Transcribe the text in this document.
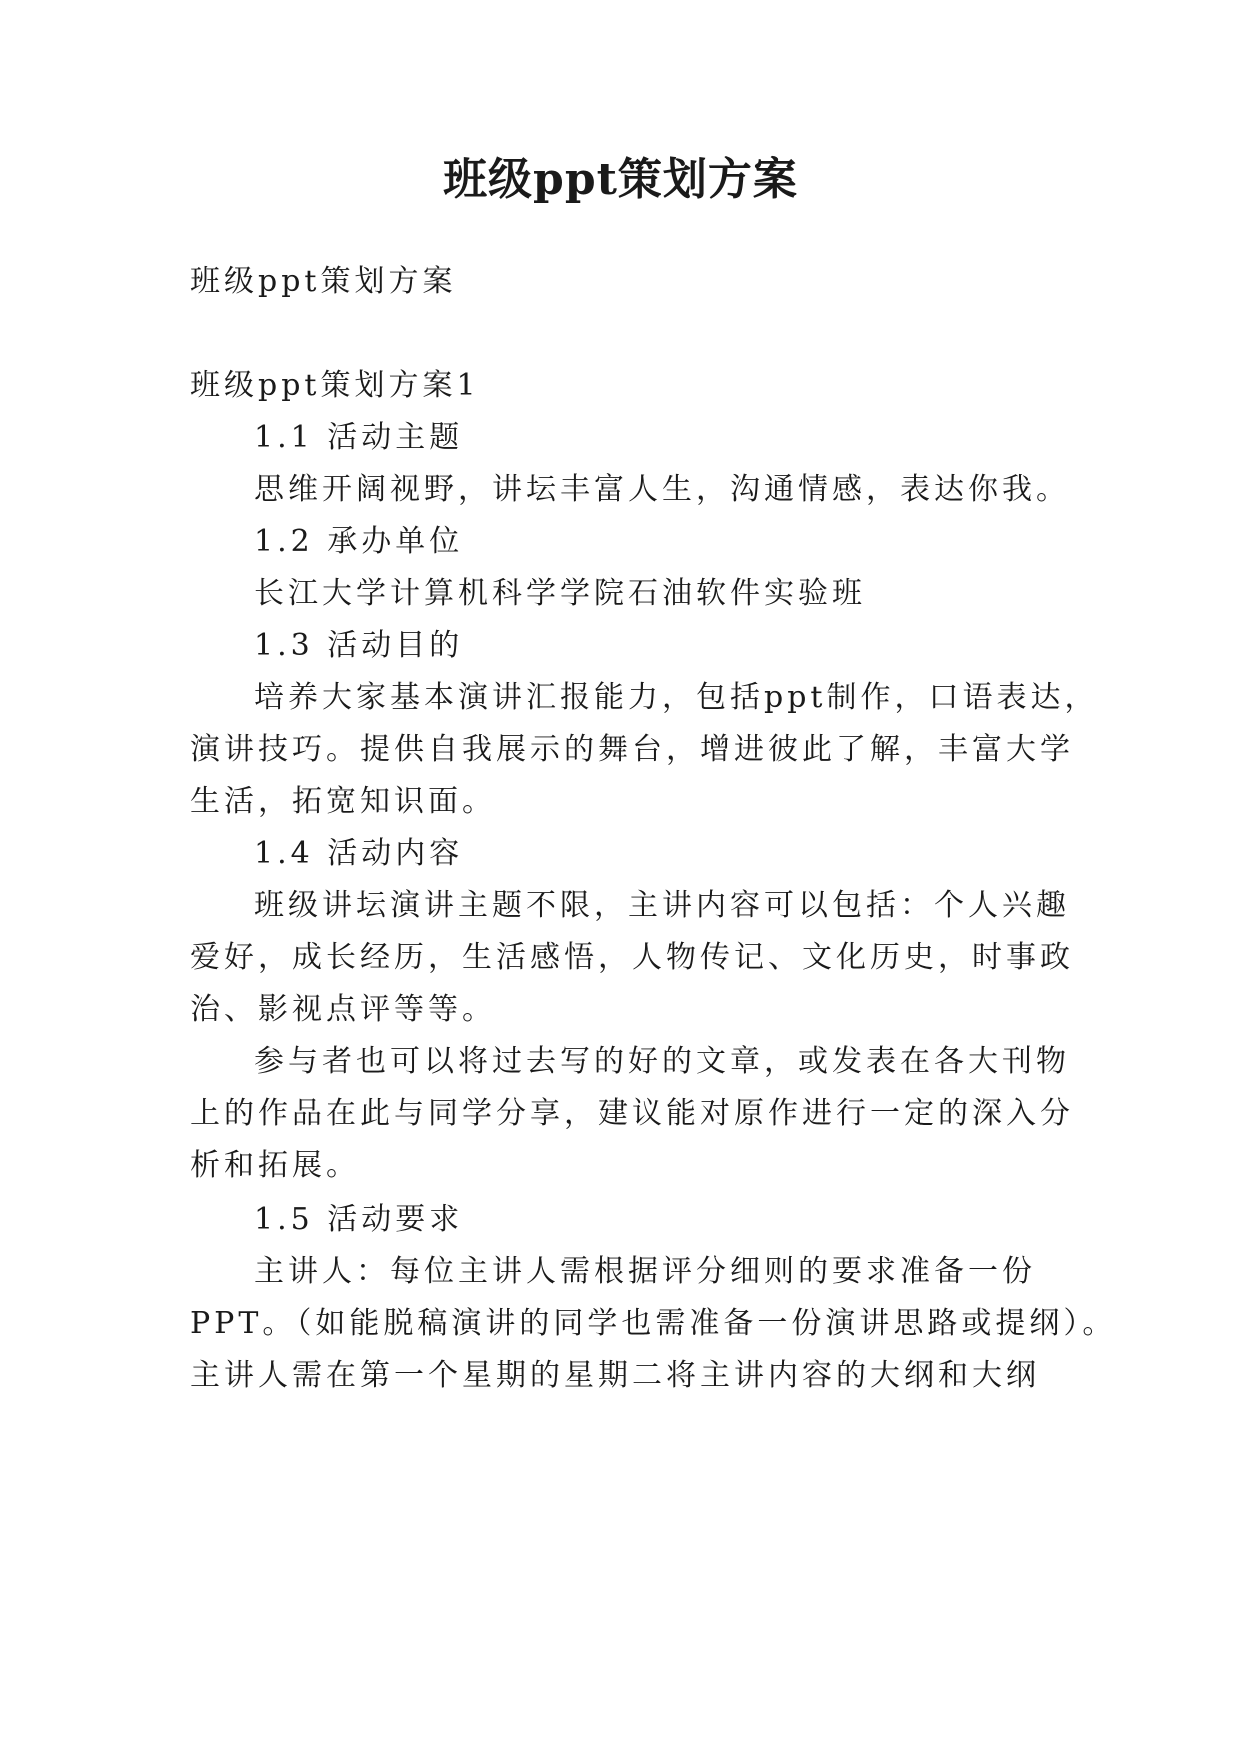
班级ppt策划方案

班级ppt策划方案

班级ppt策划方案1

1.1 活动主题

思维开阔视野，讲坛丰富人生，沟通情感，表达你我。

1.2 承办单位

长江大学计算机科学学院石油软件实验班

1.3 活动目的

培养大家基本演讲汇报能力，包括ppt制作，口语表达，

演讲技巧。提供自我展示的舞台，增进彼此了解，丰富大学

生活，拓宽知识面。

1.4 活动内容

班级讲坛演讲主题不限，主讲内容可以包括：个人兴趣

爱好，成长经历，生活感悟，人物传记、文化历史，时事政

治、影视点评等等。

参与者也可以将过去写的好的文章，或发表在各大刊物

上的作品在此与同学分享，建议能对原作进行一定的深入分

析和拓展。

1.5 活动要求

主讲人：每位主讲人需根据评分细则的要求准备一份

PPT。（如能脱稿演讲的同学也需准备一份演讲思路或提纲）。

主讲人需在第一个星期的星期二将主讲内容的大纲和大纲
